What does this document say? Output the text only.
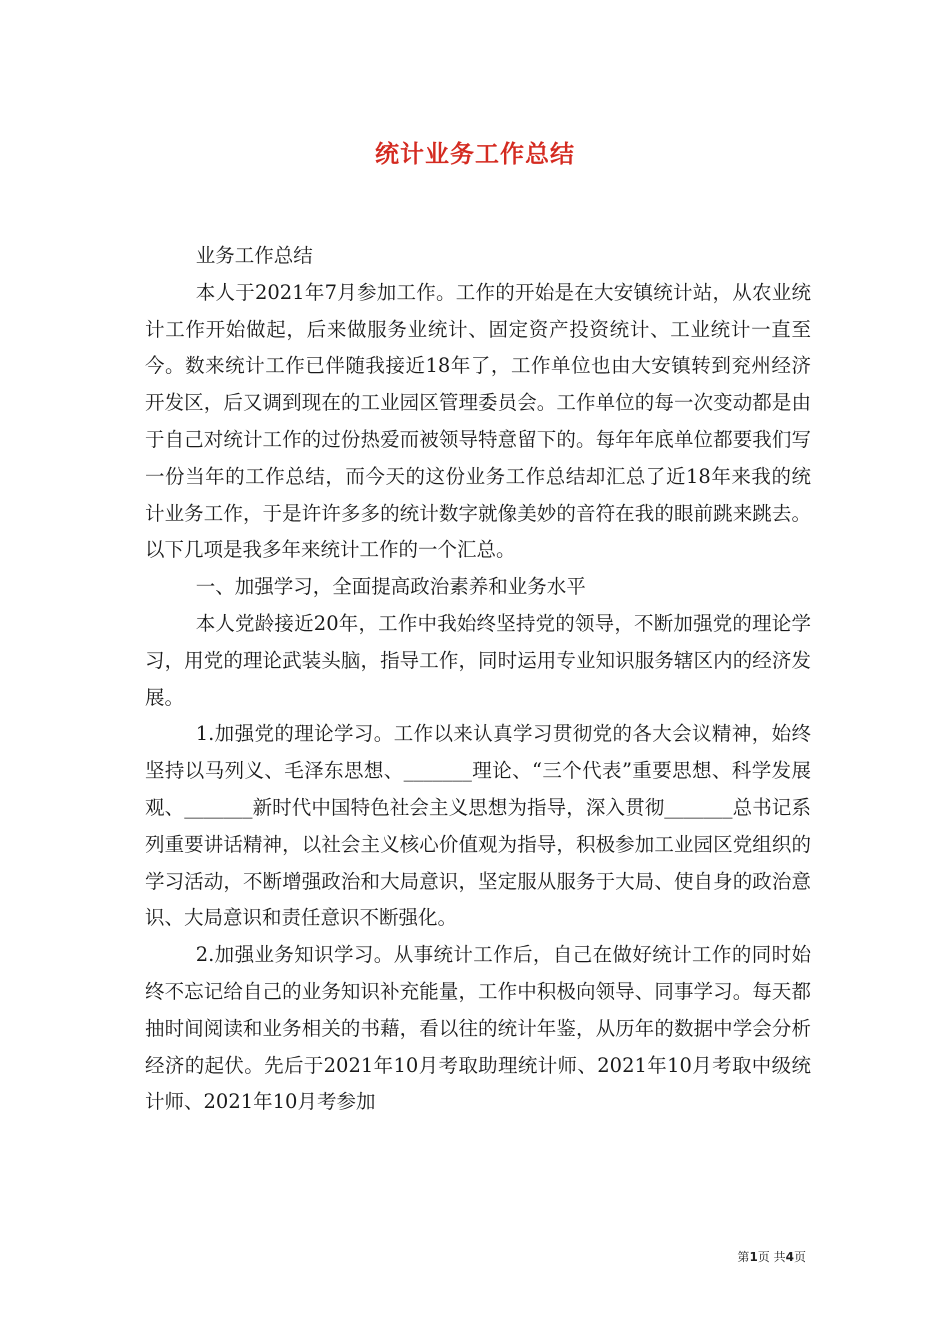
统计业务工作总结

业务工作总结

本人于2021年7月参加工作。工作的开始是在大安镇统计站，从农业统计工作开始做起，后来做服务业统计、固定资产投资统计、工业统计一直至今。数来统计工作已伴随我接近18年了，工作单位也由大安镇转到兖州经济开发区，后又调到现在的工业园区管理委员会。工作单位的每一次变动都是由于自己对统计工作的过份热爱而被领导特意留下的。每年年底单位都要我们写一份当年的工作总结，而今天的这份业务工作总结却汇总了近18年来我的统计业务工作，于是许许多多的统计数字就像美妙的音符在我的眼前跳来跳去。以下几项是我多年来统计工作的一个汇总。

一、加强学习，全面提高政治素养和业务水平

本人党龄接近20年，工作中我始终坚持党的领导，不断加强党的理论学习，用党的理论武装头脑，指导工作，同时运用专业知识服务辖区内的经济发展。

1.加强党的理论学习。工作以来认真学习贯彻党的各大会议精神，始终坚持以马列义、毛泽东思想、_______理论、“三个代表”重要思想、科学发展观、_______新时代中国特色社会主义思想为指导，深入贯彻_______总书记系列重要讲话精神，以社会主义核心价值观为指导，积极参加工业园区党组织的学习活动，不断增强政治和大局意识，坚定服从服务于大局、使自身的政治意识、大局意识和责任意识不断强化。

2.加强业务知识学习。从事统计工作后，自己在做好统计工作的同时始终不忘记给自己的业务知识补充能量，工作中积极向领导、同事学习。每天都抽时间阅读和业务相关的书藉，看以往的统计年鉴，从历年的数据中学会分析经济的起伏。先后于2021年10月考取助理统计师、2021年10月考取中级统计师、2021年10月考参加

第1页 共4页
